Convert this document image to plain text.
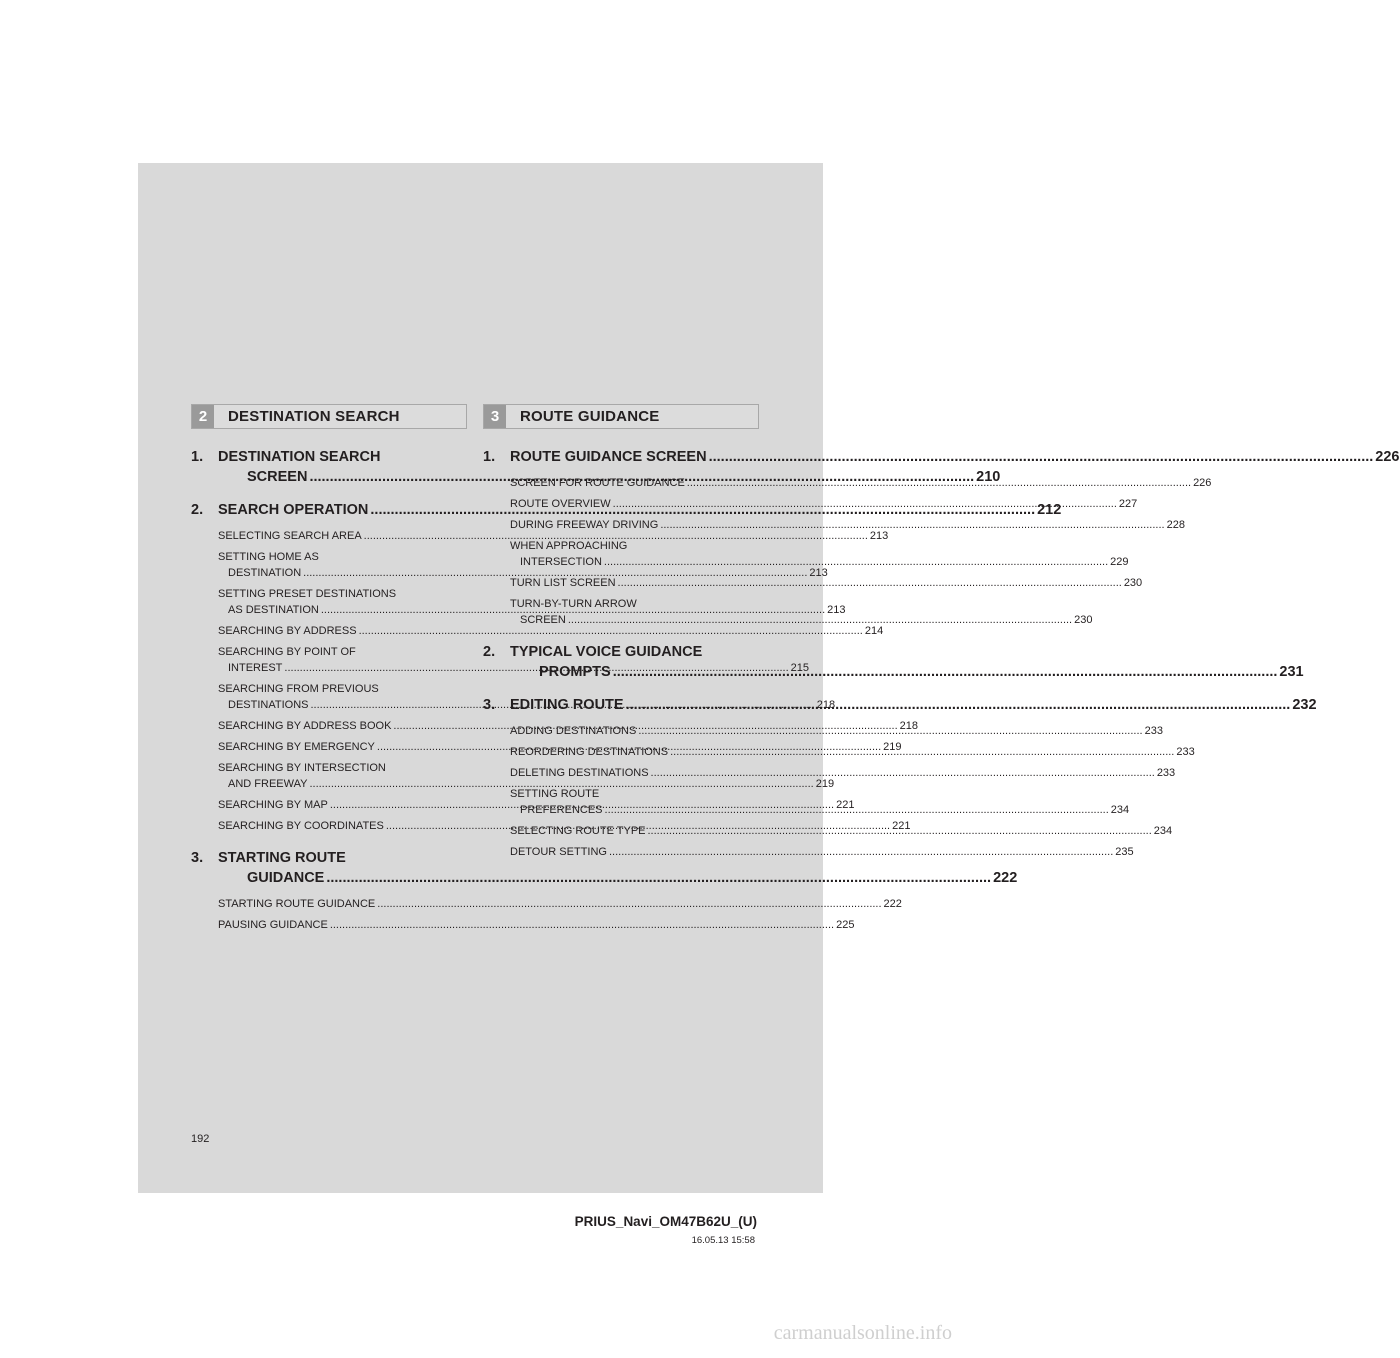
2	DESTINATION SEARCH
1.	DESTINATION SEARCH
SCREEN .....	210
2. SEARCH OPERATION .....	212
SELECTING SEARCH AREA .....	213
SETTING HOME AS
DESTINATION .....	213
SETTING PRESET DESTINATIONS
AS DESTINATION .....	213
SEARCHING BY ADDRESS .....	214
SEARCHING BY POINT OF
INTEREST .....	215
SEARCHING FROM PREVIOUS
DESTINATIONS .....	218
SEARCHING BY ADDRESS BOOK .....	218
SEARCHING BY EMERGENCY .....	219
SEARCHING BY INTERSECTION
AND FREEWAY .....	219
SEARCHING BY MAP .....	221
SEARCHING BY COORDINATES .....	221
3.	STARTING ROUTE
GUIDANCE .....	222
STARTING ROUTE GUIDANCE .....	222
PAUSING GUIDANCE .....	225
3	ROUTE GUIDANCE
1. ROUTE GUIDANCE SCREEN .....	226
SCREEN FOR ROUTE GUIDANCE .....	226
ROUTE OVERVIEW .....	227
DURING FREEWAY DRIVING .....	228
WHEN APPROACHING
INTERSECTION .....	229
TURN LIST SCREEN .....	230
TURN-BY-TURN ARROW
SCREEN .....	230
2.	TYPICAL VOICE GUIDANCE
PROMPTS .....	231
3. EDITING ROUTE .....	232
ADDING DESTINATIONS .....	233
REORDERING DESTINATIONS .....	233
DELETING DESTINATIONS .....	233
SETTING ROUTE
PREFERENCES .....	234
SELECTING ROUTE TYPE .....	234
DETOUR SETTING .....	235
192
PRIUS_Navi_OM47B62U_(U)
16.05.13 15:58
carmanualsonline.info
